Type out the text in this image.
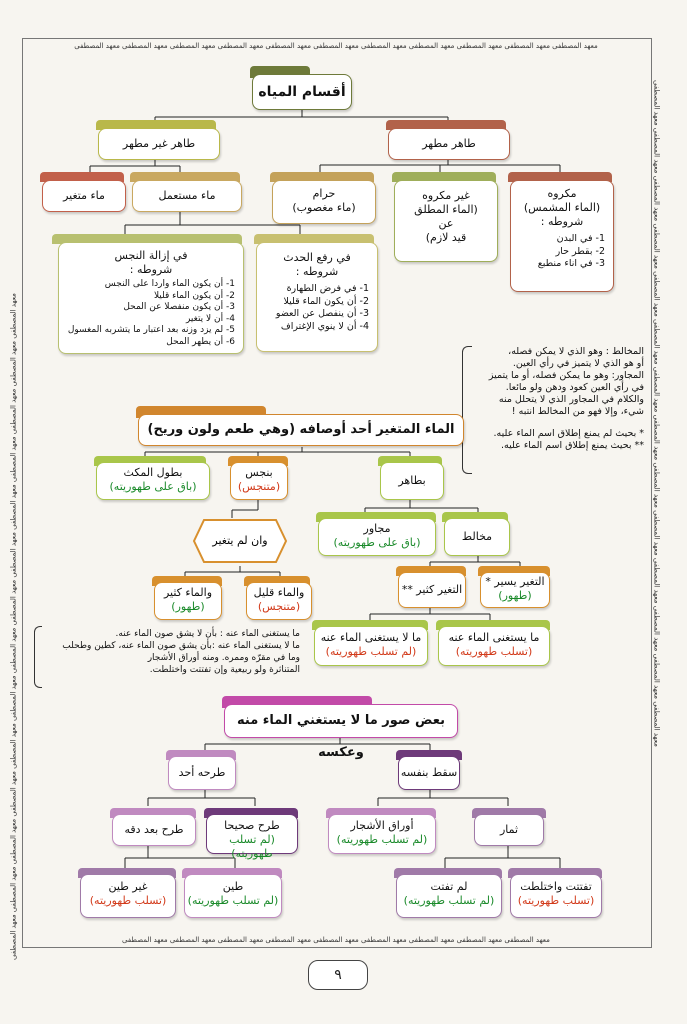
معهد المصطفى معهد المصطفى معهد المصطفى معهد المصطفى معهد المصطفى معهد المصطفى معهد المصطفى معهد المصطفى معهد المصطفى معهد المصطفى معهد المصطفى
معهد المصطفى معهد المصطفى معهد المصطفى معهد المصطفى معهد المصطفى معهد المصطفى معهد المصطفى معهد المصطفى معهد المصطفى
معهد المصطفى معهد المصطفى معهد المصطفى معهد المصطفى معهد المصطفى معهد المصطفى معهد المصطفى معهد المصطفى معهد المصطفى معهد المصطفى معهد المصطفى معهد المصطفى معهد المصطفى معهد المصطفى	معهد المصطفى معهد المصطفى معهد المصطفى معهد المصطفى معهد المصطفى معهد المصطفى معهد المصطفى معهد المصطفى معهد المصطفى معهد المصطفى معهد المصطفى معهد المصطفى معهد المصطفى معهد المصطفى
أقسام المياه
طاهر مطهر
طاهر غير مطهر
مكروه
(الماء المشمس)
شروطه :
1- في البدن
2- بقطر حار
3- في اناء منطبع
غير مكروه
(الماء المطلق
عن
قيد لازم)
حرام
(ماء مغصوب)
ماء مستعمل
ماء متغير
في رفع الحدث
شروطه :
1- في فرض الطهارة
2- أن يكون الماء قليلا
3- أن ينفصل عن العضو
4- أن لا ينوي الإغتراف
في إزالة النجس
شروطه :
1- أن يكون الماء واردا على النجس
2- أن يكون الماء قليلا
3- أن يكون منفصلا عن المحل
4- أن لا يتغير
5- لم يزد وزنه بعد اعتبار ما يتشربه المغسول
6- أن يطهر المحل
المخالط : وهو الذي لا يمكن فصله،
أو هو الذي لا يتميز في رأي العين.
المجاور: وهو ما يمكن فصله، أو ما يتميز
في رأي العين كعود ودهن ولو مائعا.
والكلام في المجاور الذي لا يتحلل منه
شيء، وإلا فهو من المخالط انتبه !
* بحيث لم يمنع إطلاق اسم الماء عليه.
** بحيث يمنع إطلاق اسم الماء عليه.
الماء المتغير أحد أوصافه (وهي طعم ولون وريح)
بطول المكث
(باق على طهوريته)
بنجس
(متنجس)	بطاهر
مجاور
(باق على طهوريته)	مخالط
وان لم يتغير
والماء قليل
(متنجس)
والماء كثير
(طهور)
التغير كثير **
التغير يسير *
(طهور)
ما لا يستغنى الماء عنه
(لم تسلب طهوريته)
ما يستغنى الماء عنه
(تسلب طهوريته)
ما يستغنى الماء عنه : بأن لا يشق صون الماء عنه.
ما لا يستغنى الماء عنه :بأن يشق صون الماء عنه، كطين وطحلب
وما في مقرّه وممره. ومنه أوراق الأشجار
المتناثرة ولو ربيعية وإن تفتتت واختلطت.
بعض صور ما لا يستغني الماء منه وعكسه
سقط بنفسه
طرحه أحد
ثمار
أوراق الأشجار
(لم تسلب طهوريته)
طرح صحيحا
(لم تسلب طهوريته)
طرح بعد دقه
تفتتت واختلطت
(تسلب طهوريته)
لم تفتت
(لم تسلب طهوريته)
طين
(لم تسلب طهوريته)
غير طين
(تسلب طهوريته)
٩
